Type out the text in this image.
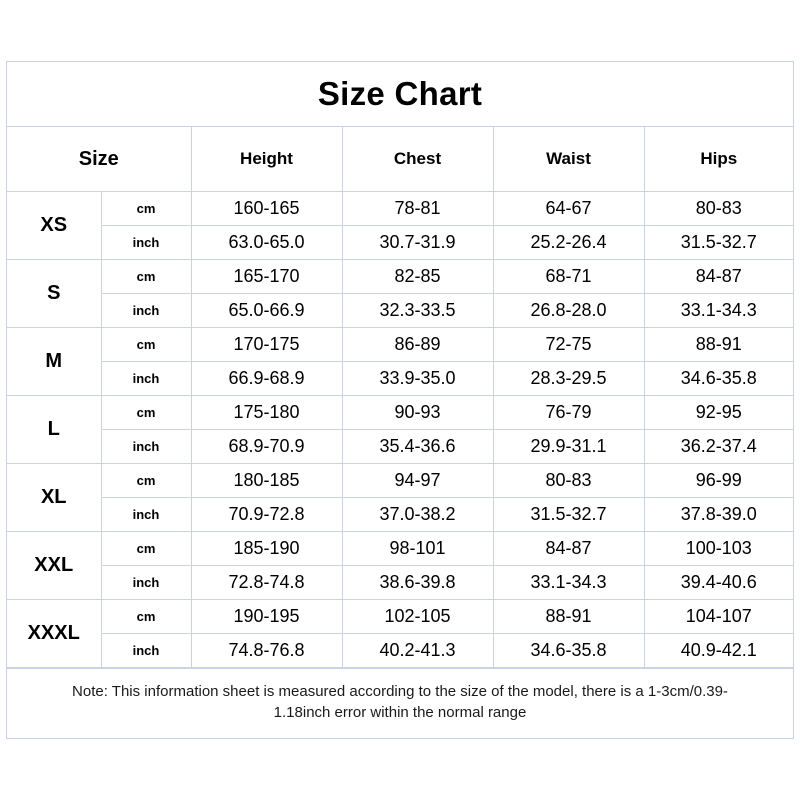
Size Chart
Size		Height	Chest	Waist	Hips
XS	cm	160-165	78-81	64-67	80-83
	inch	63.0-65.0	30.7-31.9	25.2-26.4	31.5-32.7
S	cm	165-170	82-85	68-71	84-87
	inch	65.0-66.9	32.3-33.5	26.8-28.0	33.1-34.3
M	cm	170-175	86-89	72-75	88-91
	inch	66.9-68.9	33.9-35.0	28.3-29.5	34.6-35.8
L	cm	175-180	90-93	76-79	92-95
	inch	68.9-70.9	35.4-36.6	29.9-31.1	36.2-37.4
XL	cm	180-185	94-97	80-83	96-99
	inch	70.9-72.8	37.0-38.2	31.5-32.7	37.8-39.0
XXL	cm	185-190	98-101	84-87	100-103
	inch	72.8-74.8	38.6-39.8	33.1-34.3	39.4-40.6
XXXL	cm	190-195	102-105	88-91	104-107
	inch	74.8-76.8	40.2-41.3	34.6-35.8	40.9-42.1
Note: This information sheet is measured according to the size of the model, there is a 1-3cm/0.39-
1.18inch error within the normal range
